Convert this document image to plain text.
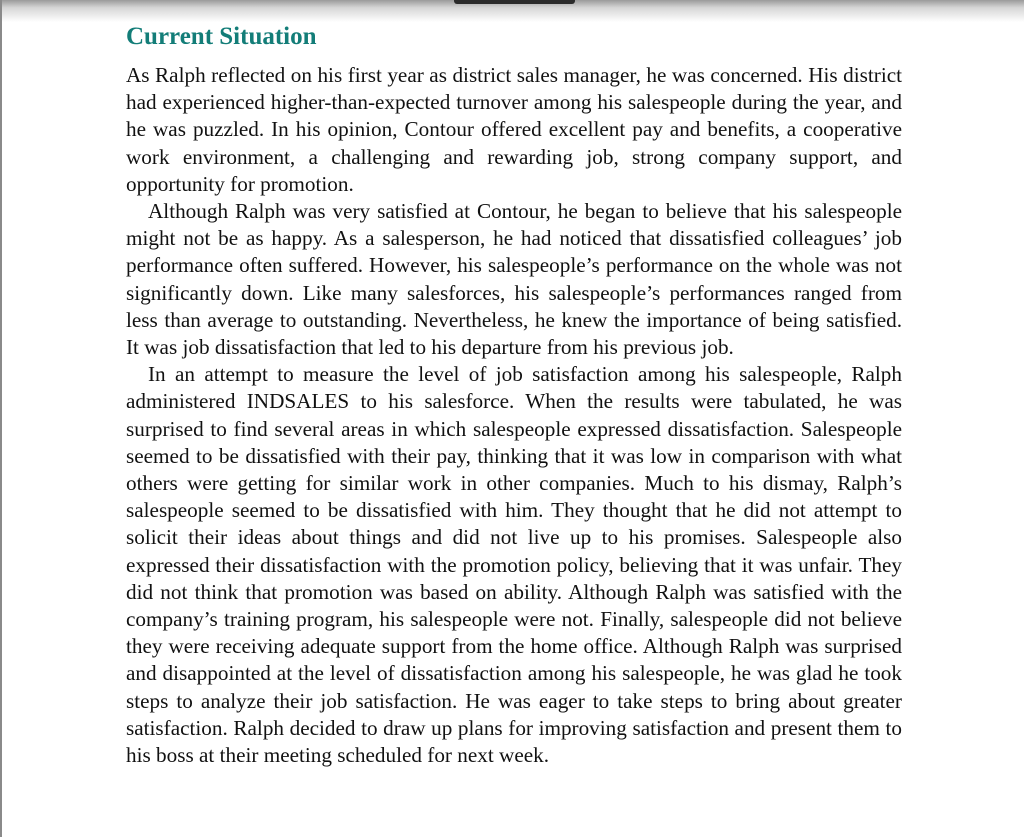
Current Situation

As Ralph reflected on his first year as district sales manager, he was concerned. His district had experienced higher-than-expected turnover among his salespeople during the year, and he was puzzled. In his opinion, Contour offered excellent pay and benefits, a cooperative work environment, a challenging and rewarding job, strong company support, and opportunity for promotion.

Although Ralph was very satisfied at Contour, he began to believe that his salespeople might not be as happy. As a salesperson, he had noticed that dissatisfied colleagues’ job performance often suffered. However, his salespeople’s performance on the whole was not significantly down. Like many salesforces, his salespeople’s performances ranged from less than average to outstanding. Nevertheless, he knew the importance of being satisfied. It was job dissatisfaction that led to his departure from his previous job.

In an attempt to measure the level of job satisfaction among his salespeople, Ralph administered INDSALES to his salesforce. When the results were tabulated, he was surprised to find several areas in which salespeople expressed dissatisfaction. Salespeople seemed to be dissatisfied with their pay, thinking that it was low in comparison with what others were getting for similar work in other companies. Much to his dismay, Ralph’s salespeople seemed to be dissatisfied with him. They thought that he did not attempt to solicit their ideas about things and did not live up to his promises. Salespeople also expressed their dissatisfaction with the promotion policy, believing that it was unfair. They did not think that promotion was based on ability. Although Ralph was satisfied with the company’s training program, his salespeople were not. Finally, salespeople did not believe they were receiving adequate support from the home office. Although Ralph was surprised and disappointed at the level of dissatisfaction among his salespeople, he was glad he took steps to analyze their job satisfaction. He was eager to take steps to bring about greater satisfaction. Ralph decided to draw up plans for improving satisfaction and present them to his boss at their meeting scheduled for next week.
